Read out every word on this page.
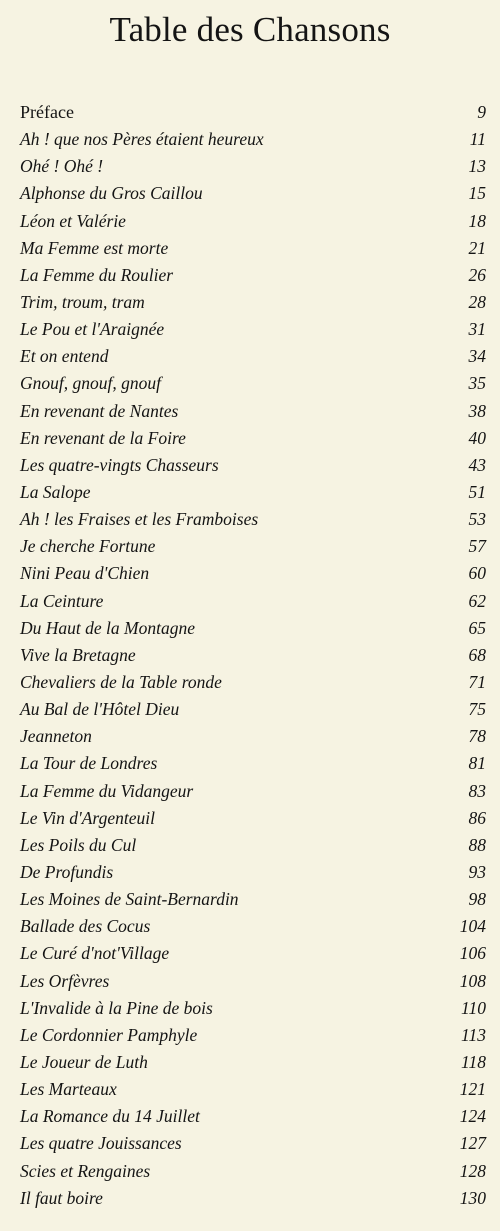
Table des Chansons
Préface	9
Ah ! que nos Pères étaient heureux	11
Ohé ! Ohé !	13
Alphonse du Gros Caillou	15
Léon et Valérie	18
Ma Femme est morte	21
La Femme du Roulier	26
Trim, troum, tram	28
Le Pou et l'Araignée	31
Et on entend	34
Gnouf, gnouf, gnouf	35
En revenant de Nantes	38
En revenant de la Foire	40
Les quatre-vingts Chasseurs	43
La Salope	51
Ah ! les Fraises et les Framboises	53
Je cherche Fortune	57
Nini Peau d'Chien	60
La Ceinture	62
Du Haut de la Montagne	65
Vive la Bretagne	68
Chevaliers de la Table ronde	71
Au Bal de l'Hôtel Dieu	75
Jeanneton	78
La Tour de Londres	81
La Femme du Vidangeur	83
Le Vin d'Argenteuil	86
Les Poils du Cul	88
De Profundis	93
Les Moines de Saint-Bernardin	98
Ballade des Cocus	104
Le Curé d'not'Village	106
Les Orfèvres	108
L'Invalide à la Pine de bois	110
Le Cordonnier Pamphyle	113
Le Joueur de Luth	118
Les Marteaux	121
La Romance du 14 Juillet	124
Les quatre Jouissances	127
Scies et Rengaines	128
Il faut boire	130
